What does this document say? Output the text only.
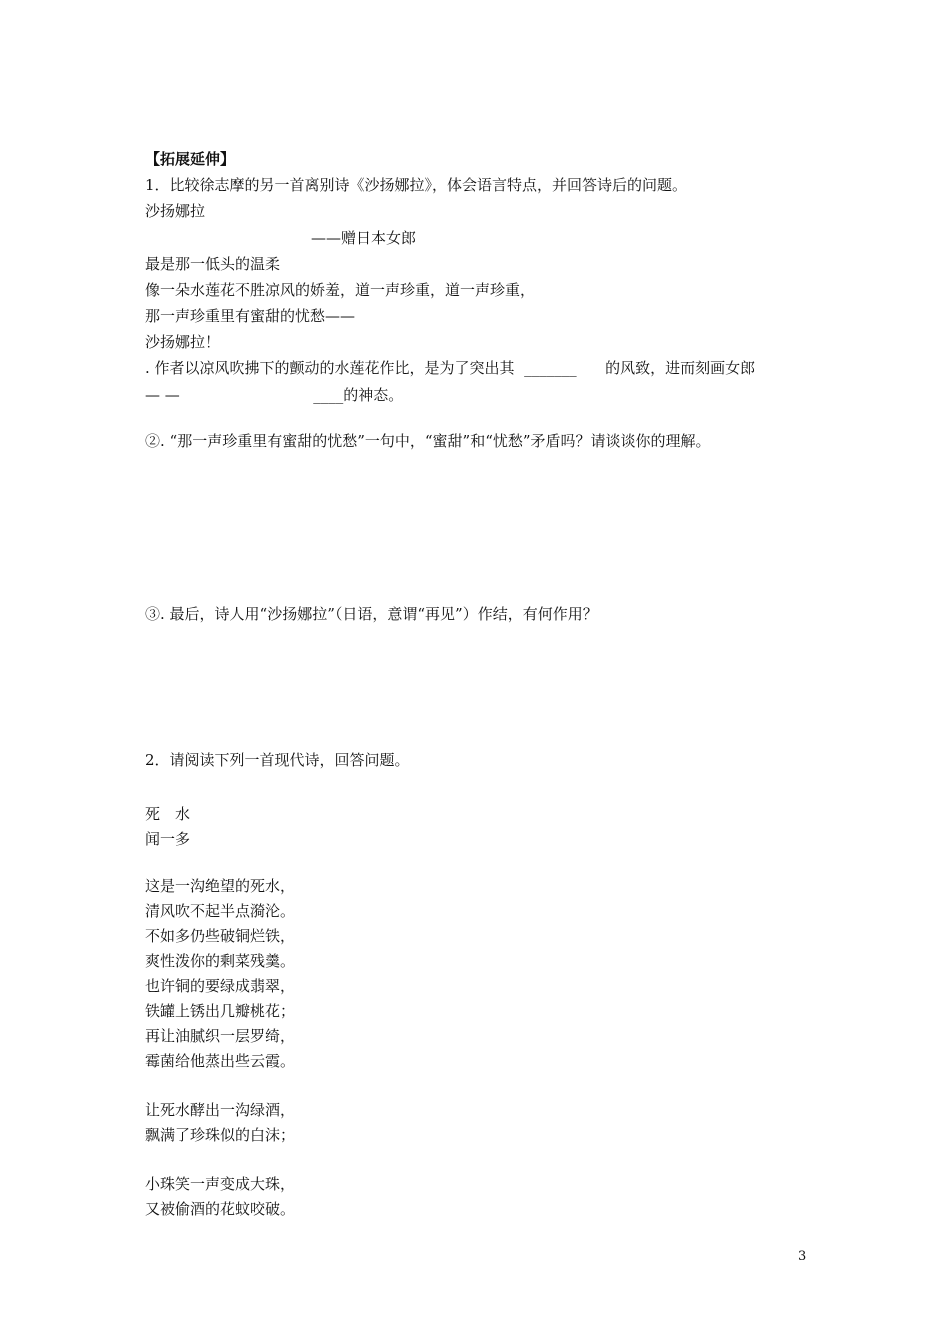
【拓展延伸】
1．比较徐志摩的另一首离别诗《沙扬娜拉》，体会语言特点，并回答诗后的问题。
沙扬娜拉
——赠日本女郎
最是那一低头的温柔
像一朵水莲花不胜凉风的娇羞，道一声珍重，道一声珍重，
那一声珍重里有蜜甜的忧愁——
沙扬娜拉！
. 作者以凉风吹拂下的颤动的水莲花作比，是为了突出其  _______      的风致，进而刻画女郎
— —                            ____的神态。
②. “那一声珍重里有蜜甜的忧愁”一句中，“蜜甜”和“忧愁”矛盾吗？请谈谈你的理解。
③. 最后，诗人用“沙扬娜拉”（日语，意谓“再见”）作结，有何作用？
2．请阅读下列一首现代诗，回答问题。
死　水
闻一多
这是一沟绝望的死水，
清风吹不起半点漪沦。
不如多仍些破铜烂铁，
爽性泼你的剩菜残羹。
也许铜的要绿成翡翠，
铁罐上锈出几瓣桃花；
再让油腻织一层罗绮，
霉菌给他蒸出些云霞。
让死水酵出一沟绿酒，
飘满了珍珠似的白沫；
小珠笑一声变成大珠，
又被偷酒的花蚊咬破。
3
